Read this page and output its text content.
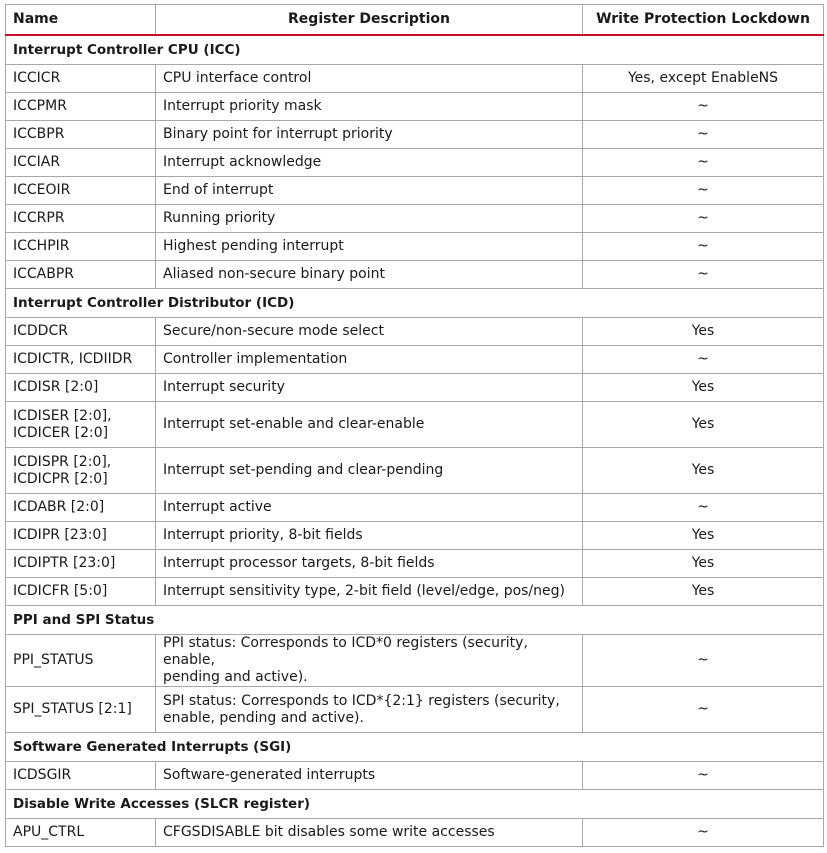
Name	Register Description	Write Protection Lockdown
Interrupt Controller CPU (ICC)		
ICCICR	CPU interface control	Yes, except EnableNS
ICCPMR	Interrupt priority mask	~
ICCBPR	Binary point for interrupt priority	~
ICCIAR	Interrupt acknowledge	~
ICCEOIR	End of interrupt	~
ICCRPR	Running priority	~
ICCHPIR	Highest pending interrupt	~
ICCABPR	Aliased non-secure binary point	~
Interrupt Controller Distributor (ICD)		
ICDDCR	Secure/non-secure mode select	Yes
ICDICTR, ICDIIDR	Controller implementation	~
ICDISR [2:0]	Interrupt security	Yes
ICDISER [2:0],
ICDICER [2:0]	Interrupt set-enable and clear-enable	Yes
ICDISPR [2:0],
ICDICPR [2:0]	Interrupt set-pending and clear-pending	Yes
ICDABR [2:0]	Interrupt active	~
ICDIPR [23:0]	Interrupt priority, 8-bit fields	Yes
ICDIPTR [23:0]	Interrupt processor targets, 8-bit fields	Yes
ICDICFR [5:0]	Interrupt sensitivity type, 2-bit field (level/edge, pos/neg)	Yes
PPI and SPI Status		
PPI_STATUS	PPI status: Corresponds to ICD*0 registers (security, enable,
pending and active).	~
SPI_STATUS [2:1]	SPI status: Corresponds to ICD*{2:1} registers (security,
enable, pending and active).	~
Software Generated Interrupts (SGI)		
ICDSGIR	Software-generated interrupts	~
Disable Write Accesses (SLCR register)		
APU_CTRL	CFGSDISABLE bit disables some write accesses	~
